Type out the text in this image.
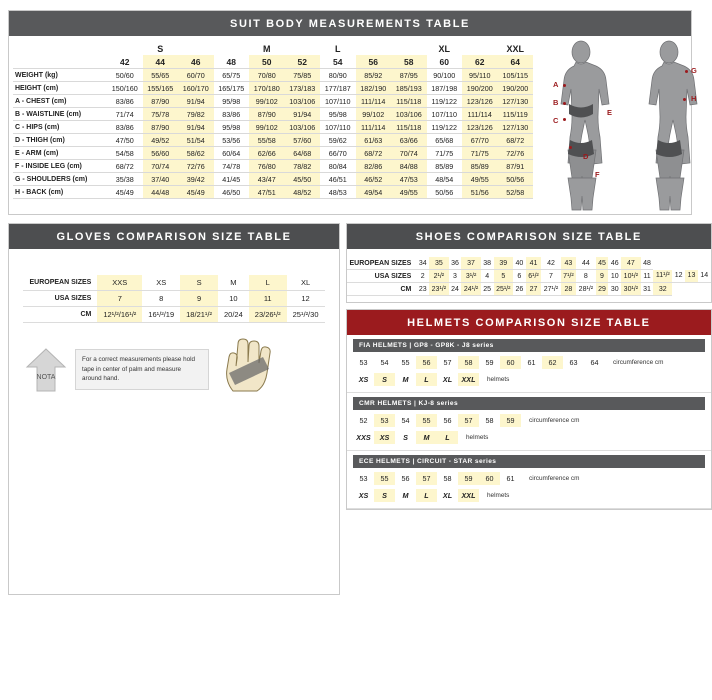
SUIT BODY MEASUREMENTS TABLE
		S			M		L			XL		XXL
	42	44	46	48	50	52	54	56	58	60	62	64
WEIGHT (kg)	50/60	55/65	60/70	65/75	70/80	75/85	80/90	85/92	87/95	90/100	95/110	105/115
HEIGHT (cm)	150/160	155/165	160/170	165/175	170/180	173/183	177/187	182/190	185/193	187/198	190/200	190/200
A - CHEST (cm)	83/86	87/90	91/94	95/98	99/102	103/106	107/110	111/114	115/118	119/122	123/126	127/130
B - WAISTLINE (cm)	71/74	75/78	79/82	83/86	87/90	91/94	95/98	99/102	103/106	107/110	111/114	115/119
C - HIPS (cm)	83/86	87/90	91/94	95/98	99/102	103/106	107/110	111/114	115/118	119/122	123/126	127/130
D - THIGH (cm)	47/50	49/52	51/54	53/56	55/58	57/60	59/62	61/63	63/66	65/68	67/70	68/72
E - ARM (cm)	54/58	56/60	58/62	60/64	62/66	64/68	66/70	68/72	70/74	71/75	71/75	72/76
F - INSIDE LEG (cm)	68/72	70/74	72/76	74/78	76/80	78/82	80/84	82/86	84/88	85/89	85/89	87/91
G - SHOULDERS (cm)	35/38	37/40	39/42	41/45	43/47	45/50	46/51	46/52	47/53	48/54	49/55	50/56
H - BACK (cm)	45/49	44/48	45/49	46/50	47/51	48/52	48/53	49/54	49/55	50/56	51/56	52/58
A
B
C
D
E
F
G
H
GLOVES COMPARISON SIZE TABLE
EUROPEAN SIZES	XXS	XS	S	M	L	XL
USA SIZES	7	8	9	10	11	12
CM	12¹/²/16¹/²	16¹/²/19	18/21¹/²	20/24	23/26¹/²	25¹/²/30
NOTA
For a correct measurements please hold tape in center of palm and measure around hand.
SHOES COMPARISON SIZE TABLE
EUROPEAN SIZES	34	35	36	37	38	39	40	41	42	43	44	45	46	47	48				
USA SIZES	2	2¹/²	3	3¹/²	4	5	6	6¹/²	7	7¹/²	8	9	10	10¹/²	11	11¹/²	12	13	14
CM	23	23¹/²	24	24¹/²	25	25¹/²	26	27	27¹/²	28	28¹/²	29	30	30¹/²	31	32			
HELMETS COMPARISON SIZE TABLE
FIA HELMETS | GP8 - GP8K - J8 series
53	54	55	56	57	58	59	60	61	62	63	64	circumference cm
XS	S	M	L	XL	XXL	helmets
CMR HELMETS | KJ-8 series
52	53	54	55	56	57	58	59	circumference cm
XXS	XS	S	M	L	helmets
ECE HELMETS | CIRCUIT - STAR series
53	55	56	57	58	59	60	61	circumference cm
XS	S	M	L	XL	XXL	helmets
